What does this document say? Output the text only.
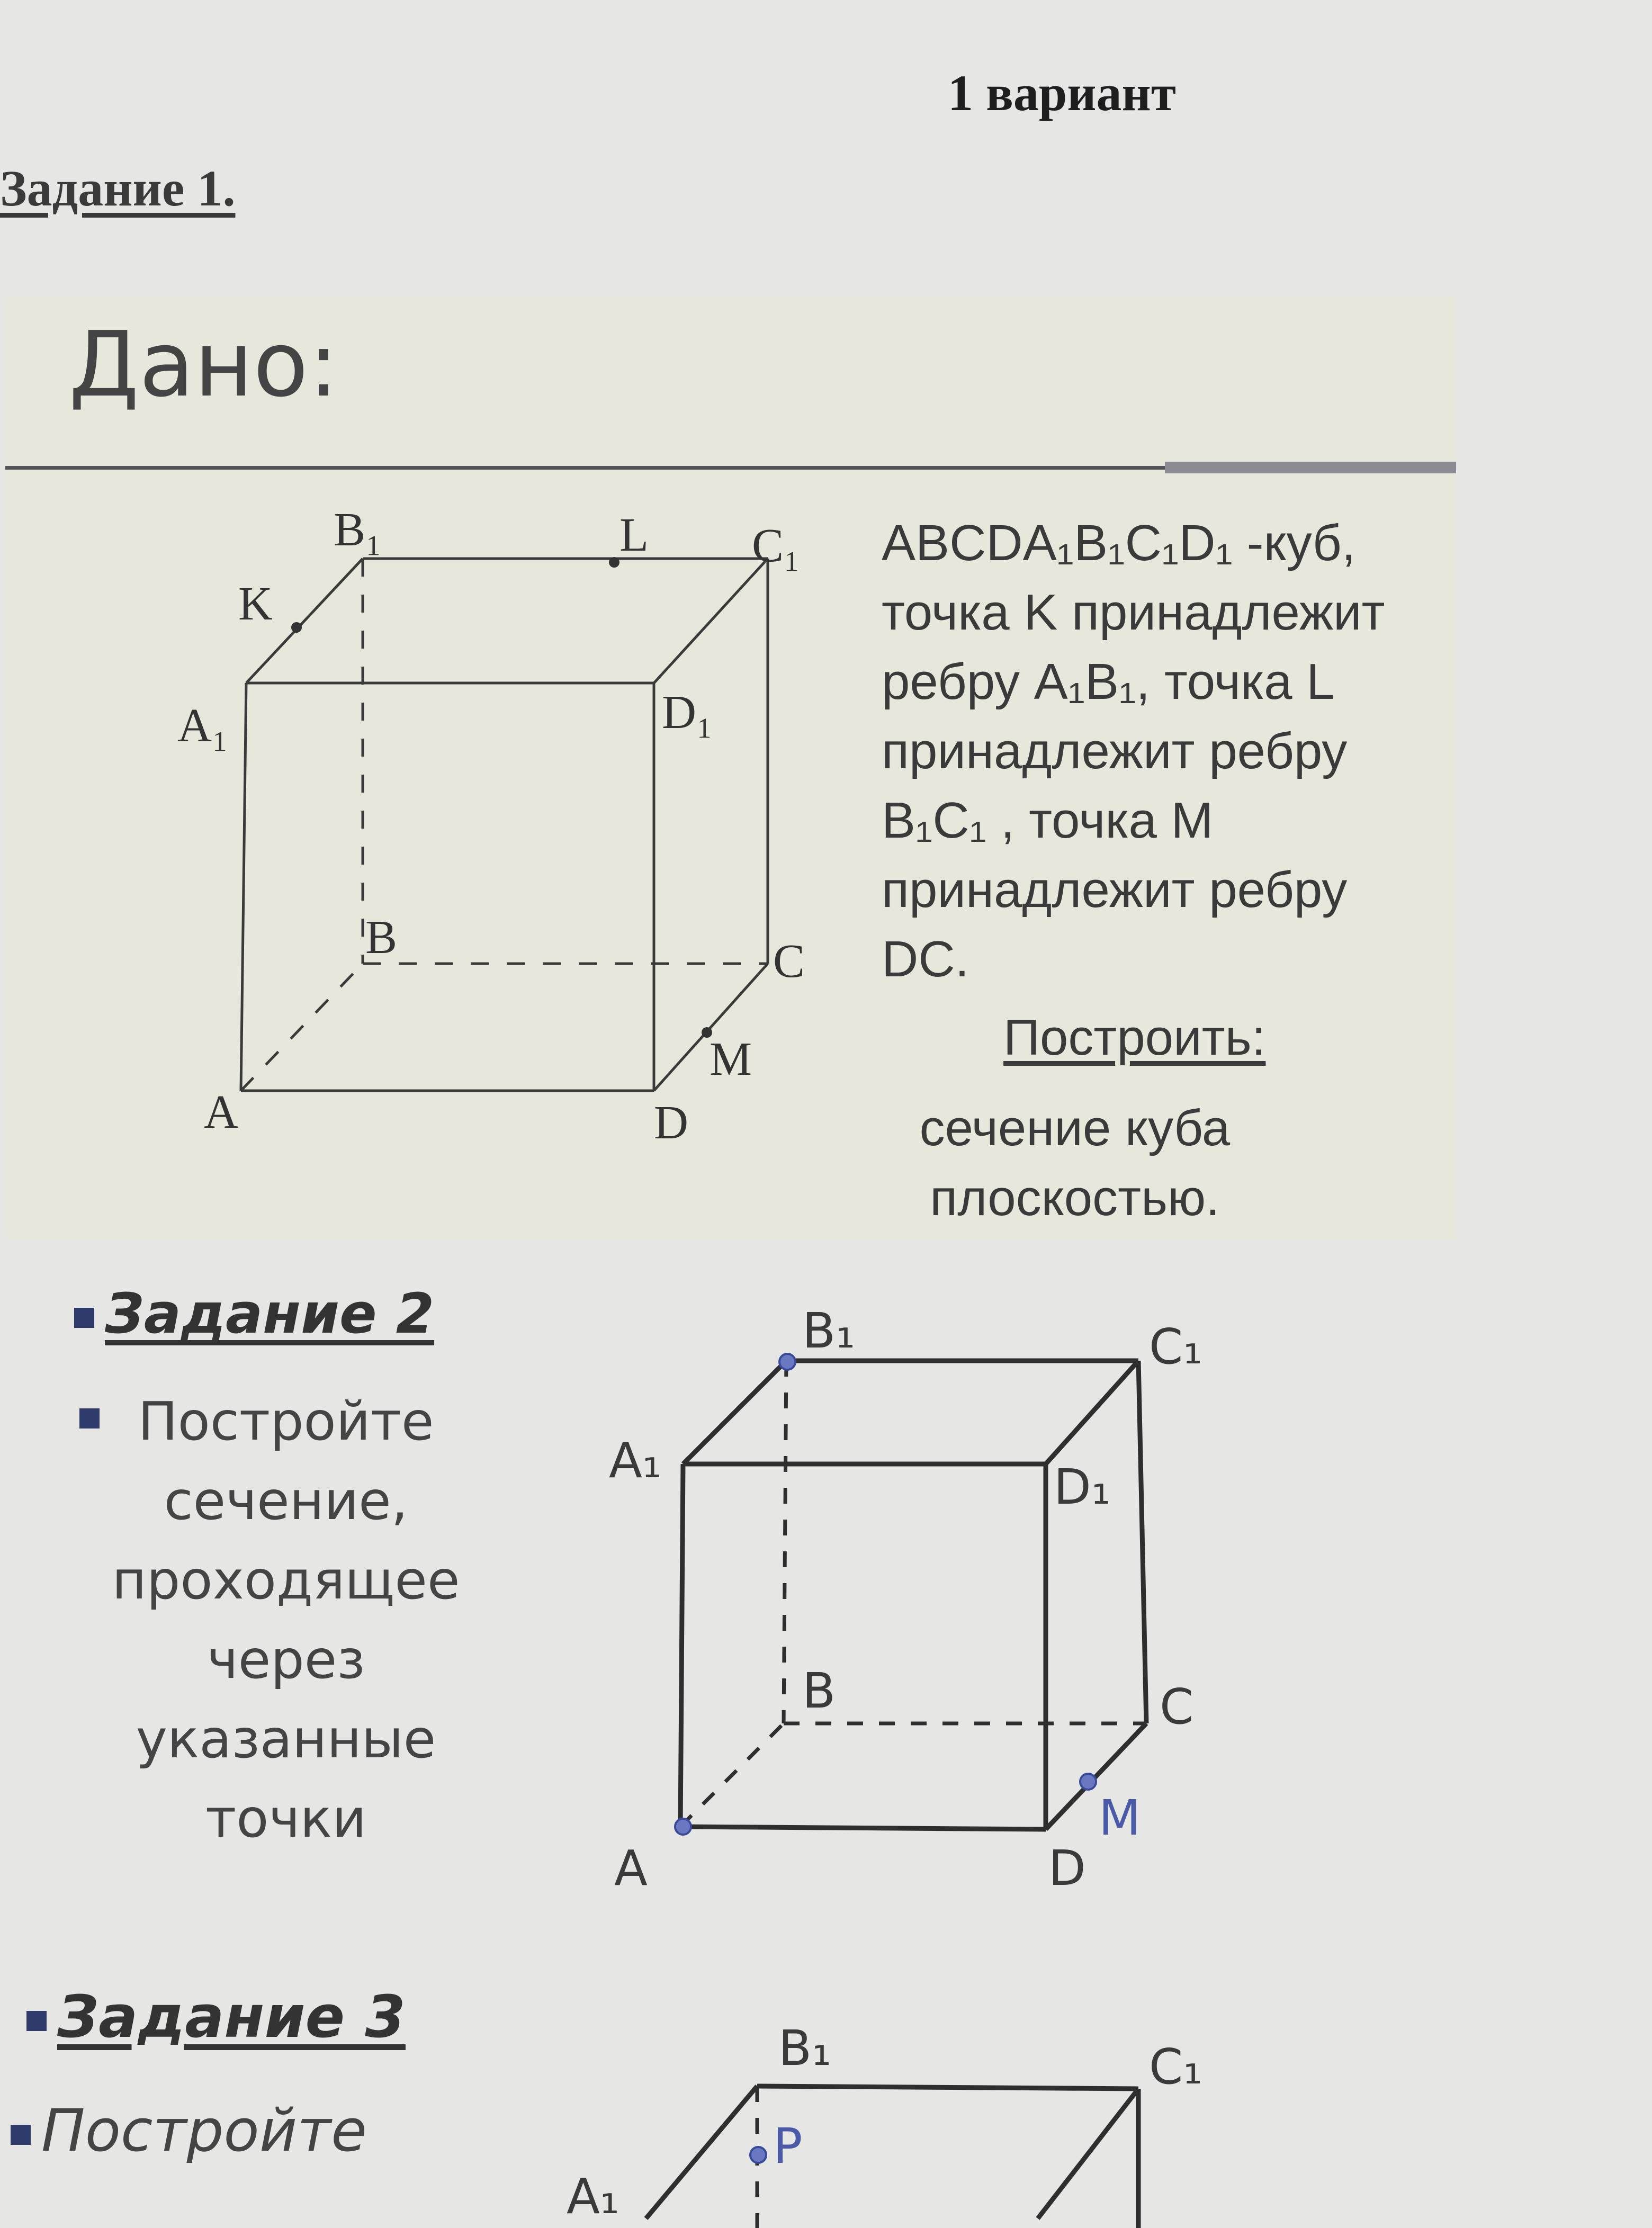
1 вариант
Задание 1.
Дано:
B₁	L C₁
K
A₁	D₁
B	C
M
A	D
ABCDA₁B₁C₁D₁ -куб,
точка K принадлежит
ребру A₁B₁, точка L
принадлежит ребру
B₁C₁ , точка M
принадлежит ребру
DC.
Построить:
сечение куба
плоскостью.
Задание 2
Постройте
сечение,
проходящее
через
указанные
точки
B₁	C₁
A₁	D₁
B	C
M
A	D
Задание 3
Постройте
B₁	C₁
P
A₁
